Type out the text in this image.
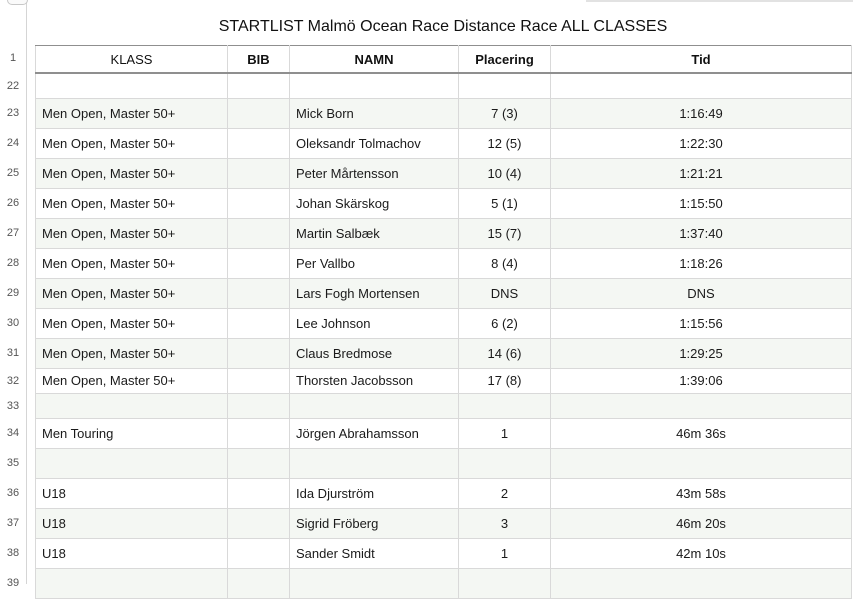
STARTLIST Malmö Ocean Race Distance Race ALL CLASSES
KLASS	BIB	NAMN	Placering	Tid

Men Open, Master 50+		Mick Born	7 (3)	1:16:49
Men Open, Master 50+		Oleksandr Tolmachov	12 (5)	1:22:30
Men Open, Master 50+		Peter Mårtensson	10 (4)	1:21:21
Men Open, Master 50+		Johan Skärskog	5 (1)	1:15:50
Men Open, Master 50+		Martin Salbæk	15 (7)	1:37:40
Men Open, Master 50+		Per Vallbo	8 (4)	1:18:26
Men Open, Master 50+		Lars Fogh Mortensen	DNS	DNS
Men Open, Master 50+		Lee Johnson	6 (2)	1:15:56
Men Open, Master 50+		Claus Bredmose	14 (6)	1:29:25
Men Open, Master 50+		Thorsten Jacobsson	17 (8)	1:39:06

Men Touring		Jörgen Abrahamsson	1	46m 36s

U18		Ida Djurström	2	43m 58s
U18		Sigrid Fröberg	3	46m 20s
U18		Sander Smidt	1	42m 10s

1
22
23
24
25
26
27
28
29
30
31
32
33
34
35
36
37
38
39
